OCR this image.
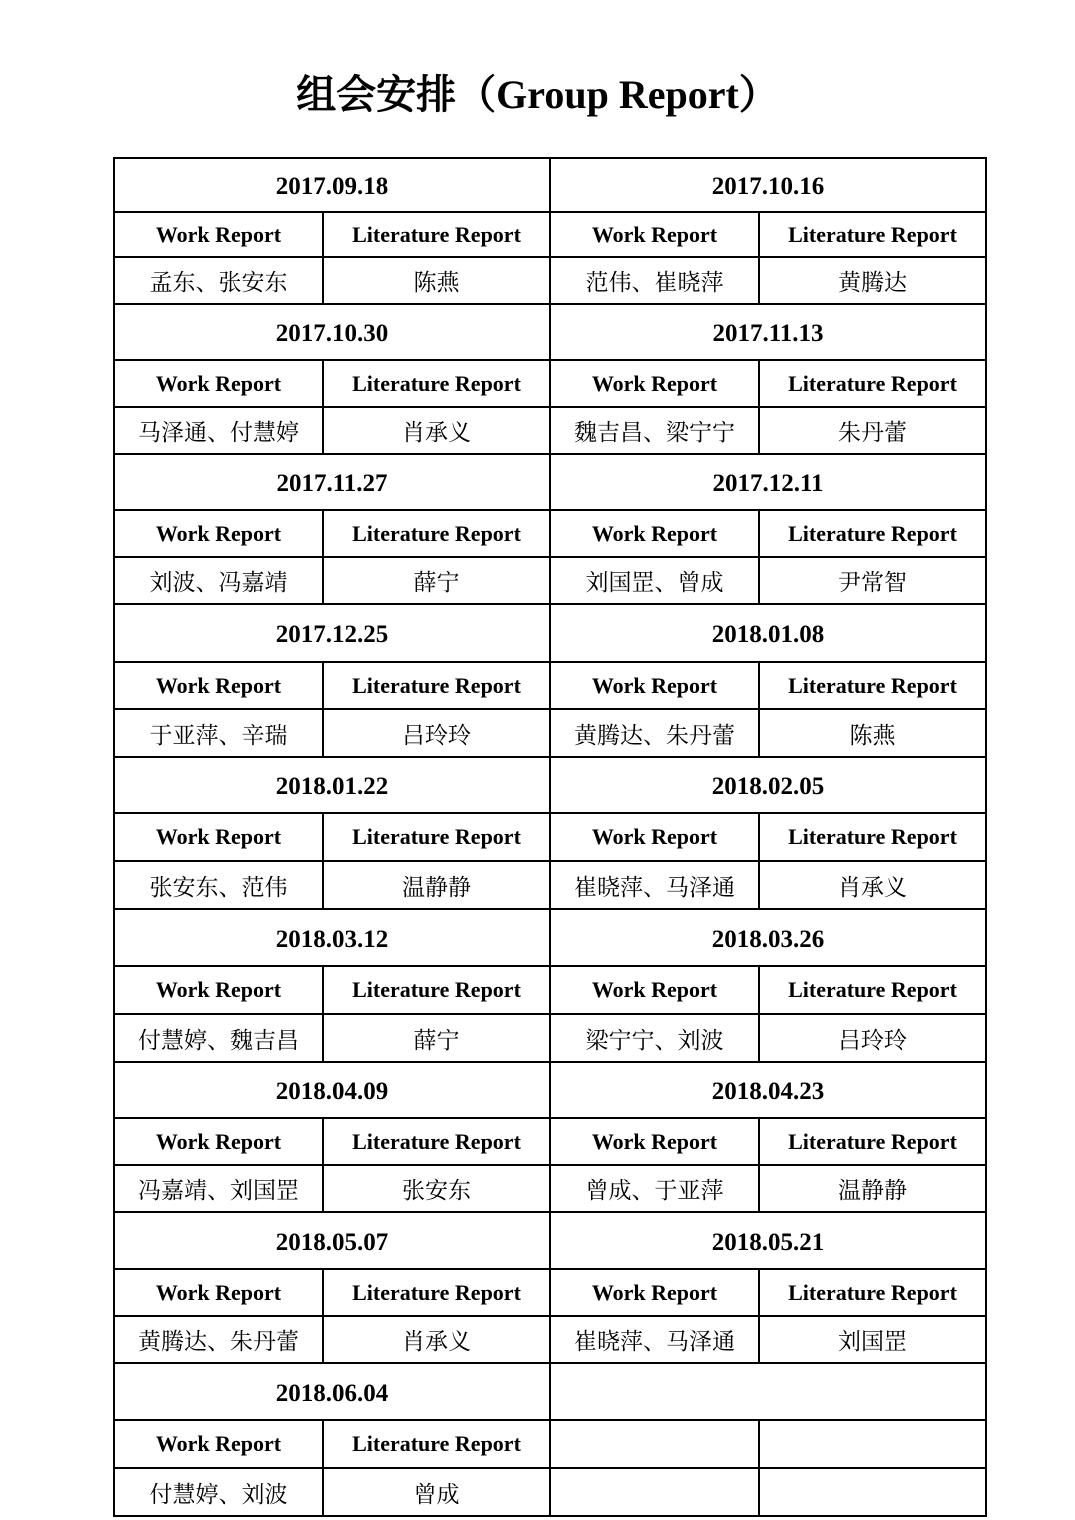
组会安排（Group Report）
2017.09.18		2017.10.16	
Work Report	Literature Report	Work Report	Literature Report
孟东、张安东	陈燕	范伟、崔晓萍	黄腾达
2017.10.30		2017.11.13	
Work Report	Literature Report	Work Report	Literature Report
马泽通、付慧婷	肖承义	魏吉昌、梁宁宁	朱丹蕾
2017.11.27		2017.12.11	
Work Report	Literature Report	Work Report	Literature Report
刘波、冯嘉靖	薛宁	刘国罡、曾成	尹常智
2017.12.25		2018.01.08	
Work Report	Literature Report	Work Report	Literature Report
于亚萍、辛瑞	吕玲玲	黄腾达、朱丹蕾	陈燕
2018.01.22		2018.02.05	
Work Report	Literature Report	Work Report	Literature Report
张安东、范伟	温静静	崔晓萍、马泽通	肖承义
2018.03.12		2018.03.26	
Work Report	Literature Report	Work Report	Literature Report
付慧婷、魏吉昌	薛宁	梁宁宁、刘波	吕玲玲
2018.04.09		2018.04.23	
Work Report	Literature Report	Work Report	Literature Report
冯嘉靖、刘国罡	张安东	曾成、于亚萍	温静静
2018.05.07		2018.05.21	
Work Report	Literature Report	Work Report	Literature Report
黄腾达、朱丹蕾	肖承义	崔晓萍、马泽通	刘国罡
2018.06.04			
Work Report	Literature Report		
付慧婷、刘波	曾成		
